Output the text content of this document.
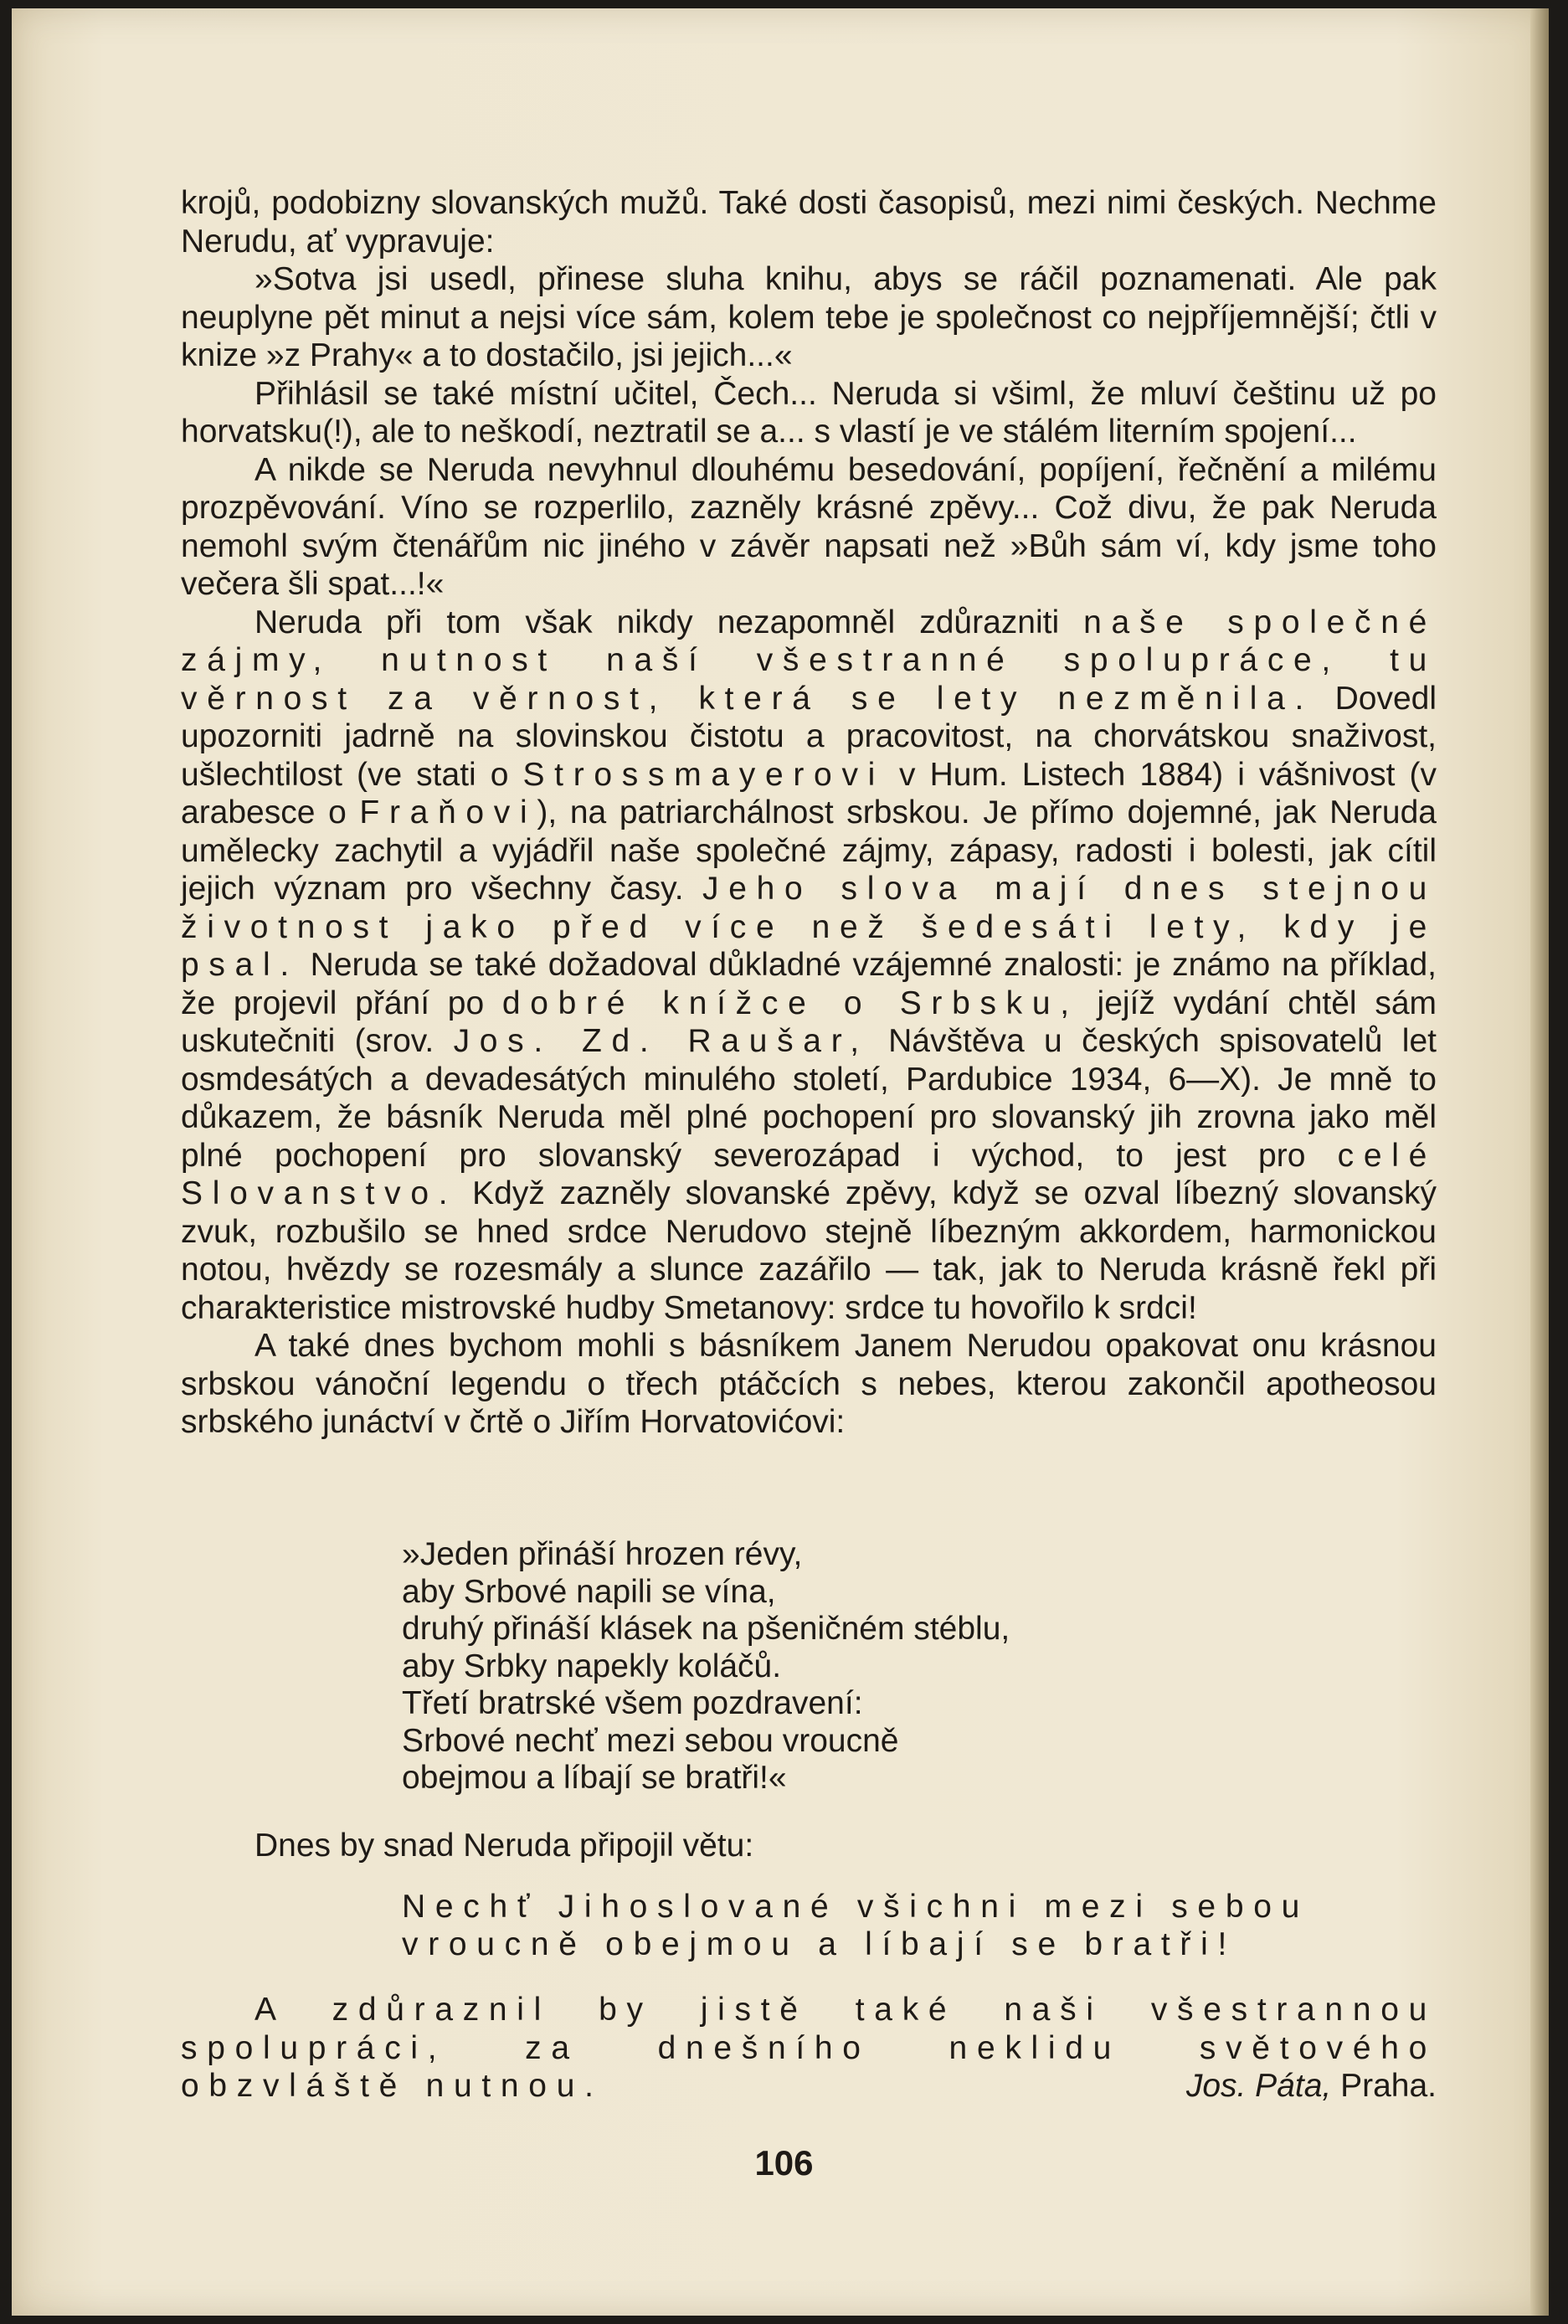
krojů, podobizny slovanských mužů. Také dosti časopisů, mezi nimi českých. Nechme Nerudu, ať vypravuje:

»Sotva jsi usedl, přinese sluha knihu, abys se ráčil poznamenati. Ale pak neuplyne pět minut a nejsi více sám, kolem tebe je společnost co nejpříjemnější; čtli v knize »z Prahy« a to dostačilo, jsi jejich...«

Přihlásil se také místní učitel, Čech... Neruda si všiml, že mluví češtinu už po horvatsku(!), ale to neškodí, neztratil se a... s vlastí je ve stálém literním spojení...

A nikde se Neruda nevyhnul dlouhému besedování, popíjení, řečnění a milému prozpěvování. Víno se rozperlilo, zazněly krásné zpěvy... Což divu, že pak Neruda nemohl svým čtenářům nic jiného v závěr napsati než »Bůh sám ví, kdy jsme toho večera šli spat...!«

Neruda při tom však nikdy nezapomněl zdůrazniti naše společné zájmy, nutnost naší všestranné spolupráce, tu věrnost za věrnost, která se lety nezměnila. Dovedl upozorniti jadrně na slovinskou čistotu a pracovitost, na chorvátskou snaživost, ušlechtilost (ve stati o Strossmayerovi v Hum. Listech 1884) i vášnivost (v arabesce o Fraňovi), na patriarchálnost srbskou. Je přímo dojemné, jak Neruda umělecky zachytil a vyjádřil naše společné zájmy, zápasy, radosti i bolesti, jak cítil jejich význam pro všechny časy. Jeho slova mají dnes stejnou životnost jako před více než šedesáti lety, kdy je psal. Neruda se také dožadoval důkladné vzájemné znalosti: je známo na příklad, že projevil přání po dobré knížce o Srbsku, jejíž vydání chtěl sám uskutečniti (srov. Jos. Zd. Raušar, Návštěva u českých spisovatelů let osmdesátých a devadesátých minulého století, Pardubice 1934, 6—X). Je mně to důkazem, že básník Neruda měl plné pochopení pro slovanský jih zrovna jako měl plné pochopení pro slovanský severozápad i východ, to jest pro celé Slovanstvo. Když zazněly slovanské zpěvy, když se ozval líbezný slovanský zvuk, rozbušilo se hned srdce Nerudovo stejně líbezným akkordem, harmonickou notou, hvězdy se rozesmály a slunce zazářilo — tak, jak to Neruda krásně řekl při charakteristice mistrovské hudby Smetanovy: srdce tu hovořilo k srdci!

A také dnes bychom mohli s básníkem Janem Nerudou opakovat onu krásnou srbskou vánoční legendu o třech ptáčcích s nebes, kterou zakončil apotheosou srbského junáctví v črtě o Jiřím Horvatovićovi:

»Jeden přináší hrozen révy,
aby Srbové napili se vína,
druhý přináší klásek na pšeničném stéblu,
aby Srbky napekly koláčů.
Třetí bratrské všem pozdravení:
Srbové nechť mezi sebou vroucně
obejmou a líbají se bratři!«
Dnes by snad Neruda připojil větu:
Nechť Jihoslované všichni mezi sebou
vroucně obejmou a líbají se bratři!

A zdůraznil by jistě také naši všestrannou spolupráci, za dnešního neklidu světového obzvláště nutnou.	Jos. Páta, Praha.

106
